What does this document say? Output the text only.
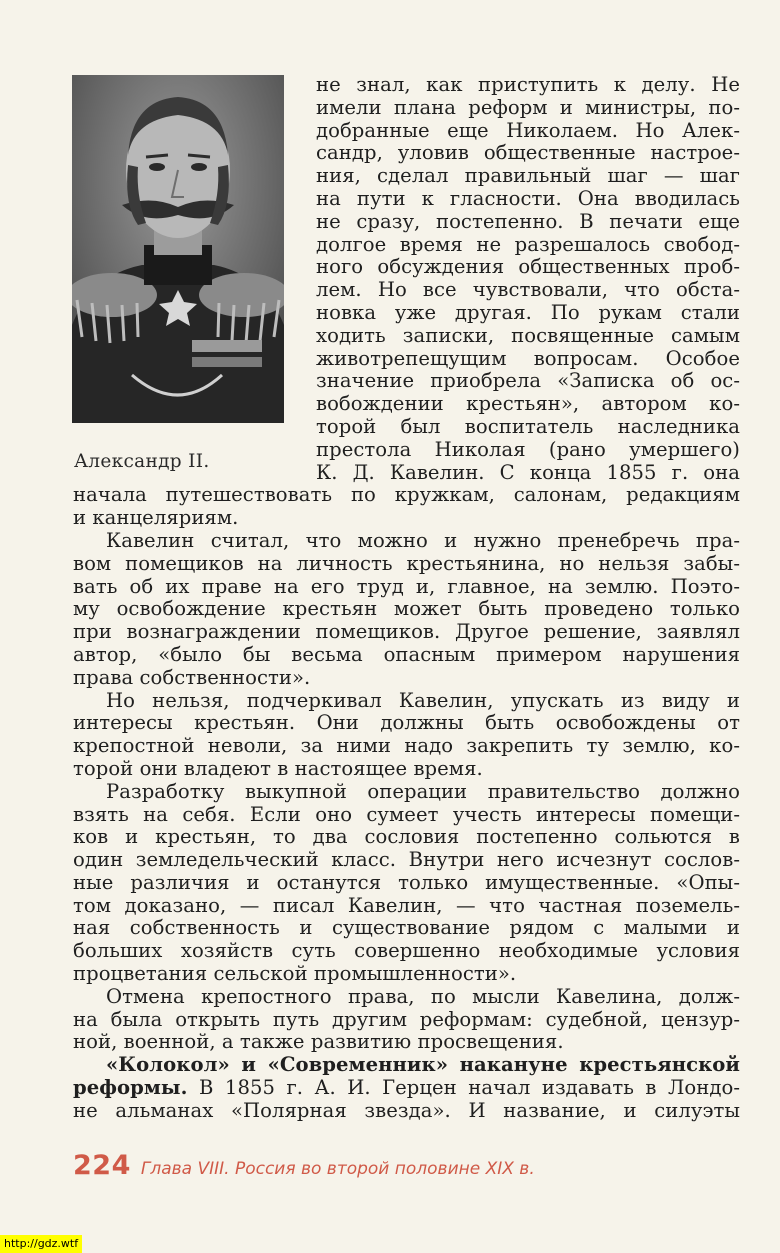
Александр II.
не знал, как приступить к делу. Не
имели плана реформ и министры, по-
добранные еще Николаем. Но Алек-
сандр, уловив общественные настрое-
ния, сделал правильный шаг — шаг
на пути к гласности. Она вводилась
не сразу, постепенно. В печати еще
долгое время не разрешалось свобод-
ного обсуждения общественных проб-
лем. Но все чувствовали, что обста-
новка уже другая. По рукам стали
ходить записки, посвященные самым
животрепещущим вопросам. Особое
значение приобрела «Записка об ос-
вобождении крестьян», автором ко-
торой был воспитатель наследника
престола Николая (рано умершего)
К. Д. Кавелин. С конца 1855 г. она
начала путешествовать по кружкам, салонам, редакциям
и канцеляриям.
Кавелин считал, что можно и нужно пренебречь пра-
вом помещиков на личность крестьянина, но нельзя забы-
вать об их праве на его труд и, главное, на землю. Поэто-
му освобождение крестьян может быть проведено только
при вознаграждении помещиков. Другое решение, заявлял
автор, «было бы весьма опасным примером нарушения
права собственности».
Но нельзя, подчеркивал Кавелин, упускать из виду и
интересы крестьян. Они должны быть освобождены от
крепостной неволи, за ними надо закрепить ту землю, ко-
торой они владеют в настоящее время.
Разработку выкупной операции правительство должно
взять на себя. Если оно сумеет учесть интересы помещи-
ков и крестьян, то два сословия постепенно сольются в
один земледельческий класс. Внутри него исчезнут сослов-
ные различия и останутся только имущественные. «Опы-
том доказано, — писал Кавелин, — что частная поземель-
ная собственность и существование рядом с малыми и
больших хозяйств суть совершенно необходимые условия
процветания сельской промышленности».
Отмена крепостного права, по мысли Кавелина, долж-
на была открыть путь другим реформам: судебной, цензур-
ной, военной, а также развитию просвещения.
«Колокол» и «Современник» накануне крестьянской
реформы. В 1855 г. А. И. Герцен начал издавать в Лондо-
не альманах «Полярная звезда». И название, и силуэты
224 Глава VIII. Россия во второй половине XIX в.
http://gdz.wtf
